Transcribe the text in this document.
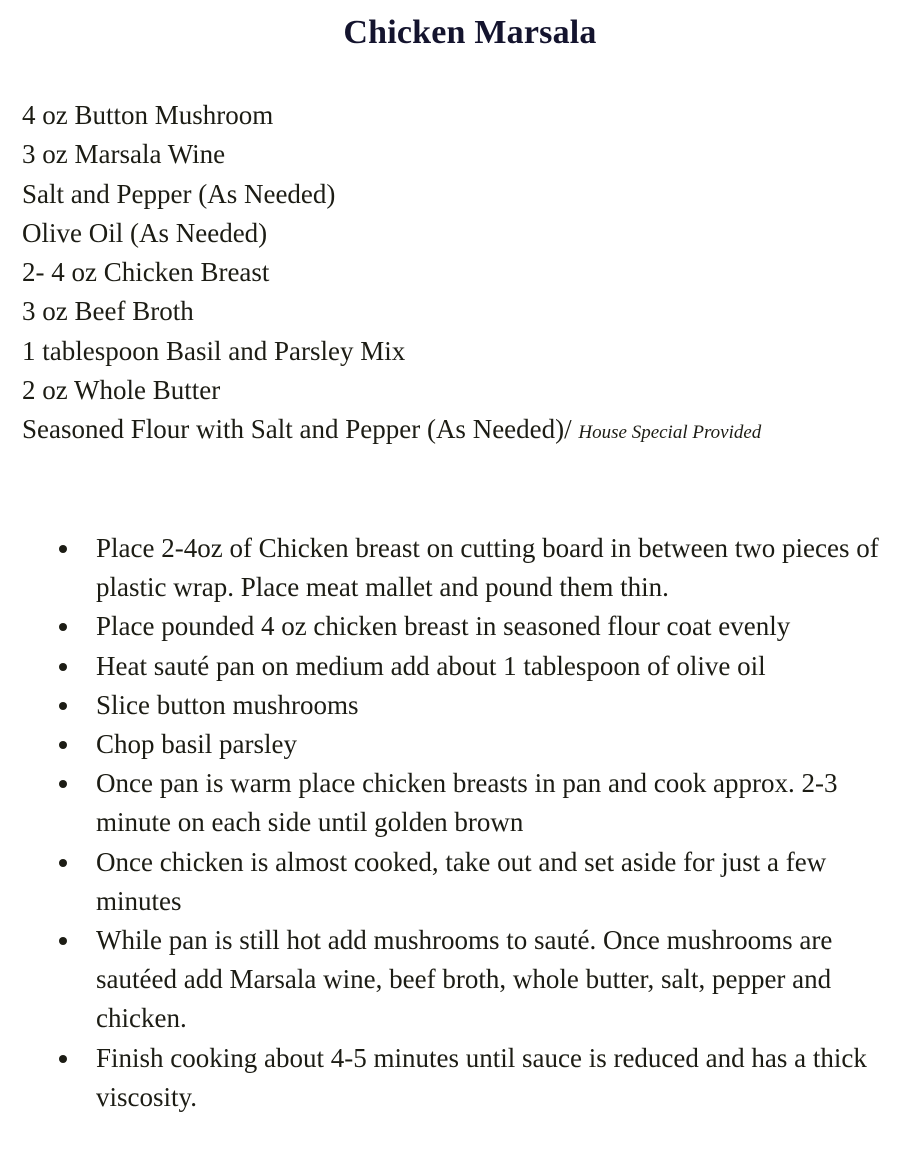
Chicken Marsala
4 oz Button Mushroom
3 oz Marsala Wine
Salt and Pepper (As Needed)
Olive Oil (As Needed)
2- 4 oz Chicken Breast
3 oz Beef Broth
1 tablespoon Basil and Parsley Mix
2 oz Whole Butter
Seasoned Flour with Salt and Pepper (As Needed)/ House Special Provided
Place 2-4oz of Chicken breast on cutting board in between two pieces of plastic wrap. Place meat mallet and pound them thin.
Place pounded 4 oz chicken breast in seasoned flour coat evenly
Heat sauté pan on medium add about 1 tablespoon of olive oil
Slice button mushrooms
Chop basil parsley
Once pan is warm place chicken breasts in pan and cook approx. 2-3 minute on each side until golden brown
Once chicken is almost cooked, take out and set aside for just a few minutes
While pan is still hot add mushrooms to sauté. Once mushrooms are sautéed add Marsala wine, beef broth, whole butter, salt, pepper and chicken.
Finish cooking about 4-5 minutes until sauce is reduced and has a thick viscosity.
